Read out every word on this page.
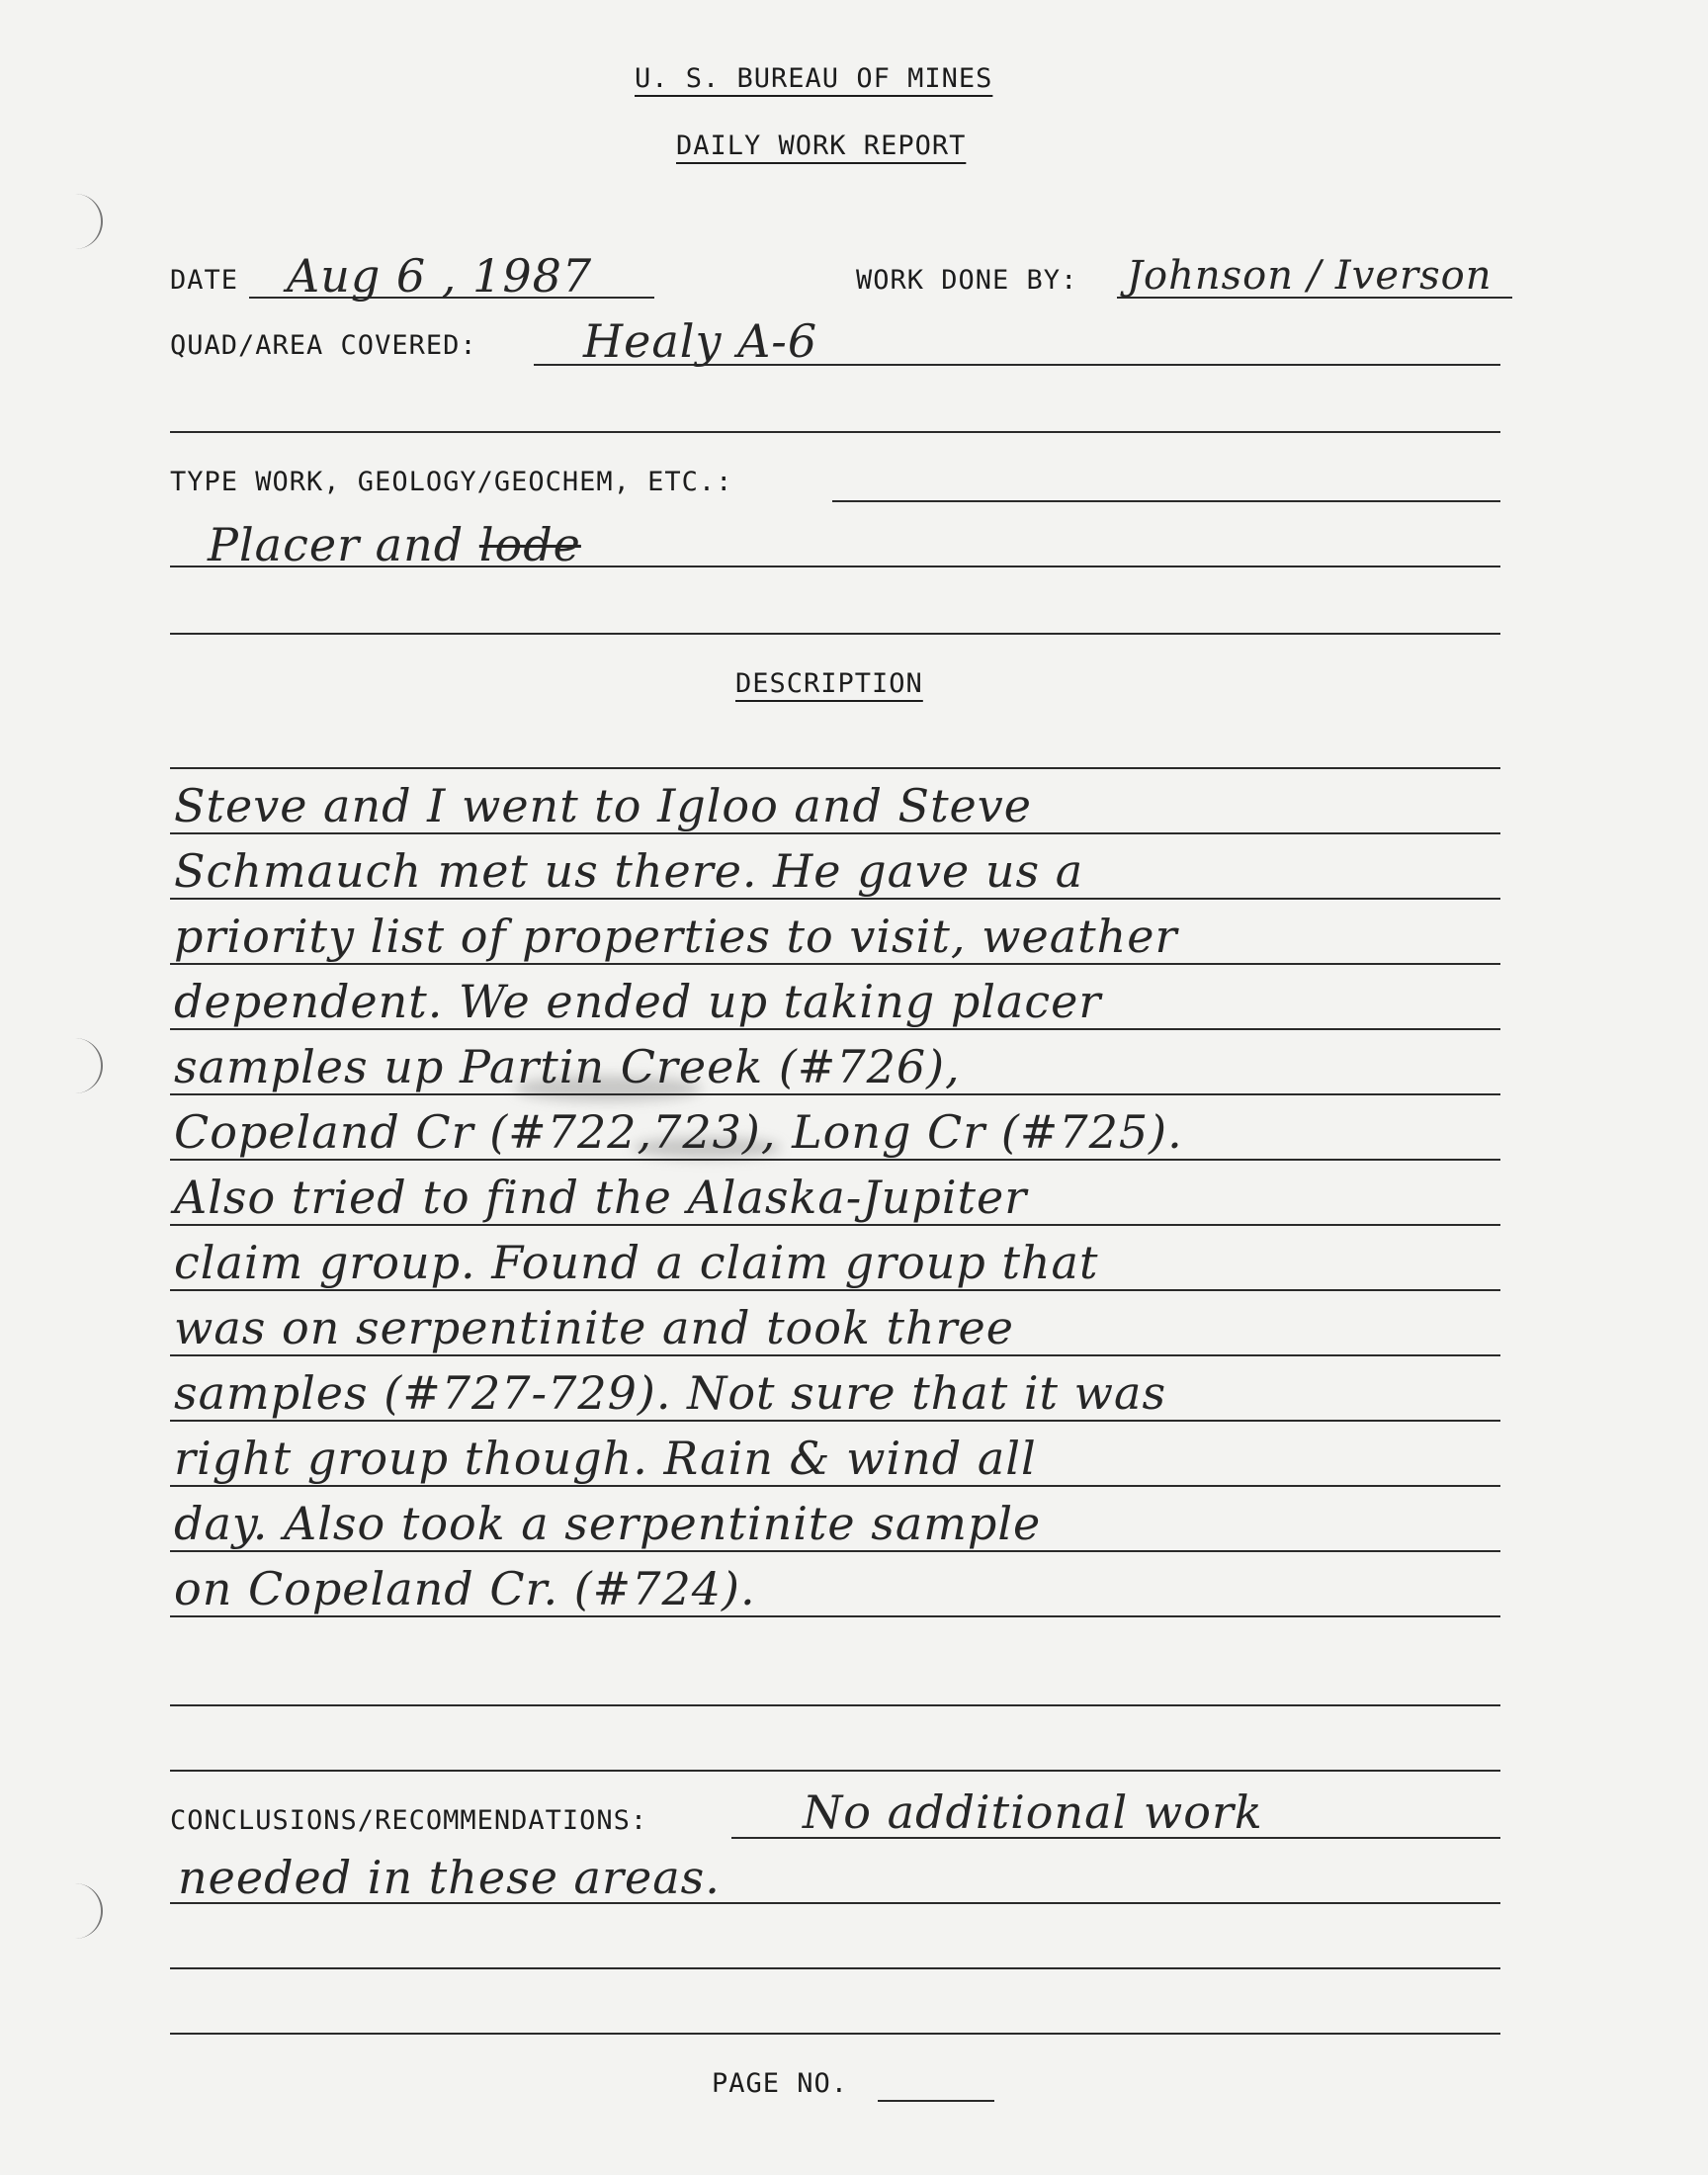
U. S. BUREAU OF MINES
DAILY WORK REPORT
DATE Aug 6 , 1987	WORK DONE BY: Johnson / Iverson
QUAD/AREA COVERED: Healy A-6
TYPE WORK, GEOLOGY/GEOCHEM, ETC.:
Placer and lode
DESCRIPTION
Steve and I went to Igloo and Steve
Schmauch met us there. He gave us a
priority list of properties to visit, weather
dependent. We ended up taking placer
samples up Partin Creek (#726),
Copeland Cr (#722,723), Long Cr (#725).
Also tried to find the Alaska-Jupiter
claim group. Found a claim group that
was on serpentinite and took three
samples (#727-729). Not sure that it was
right group though. Rain & wind all
day. Also took a serpentinite sample
on Copeland Cr. (#724).
CONCLUSIONS/RECOMMENDATIONS:	No additional work
needed in these areas.
PAGE NO.
